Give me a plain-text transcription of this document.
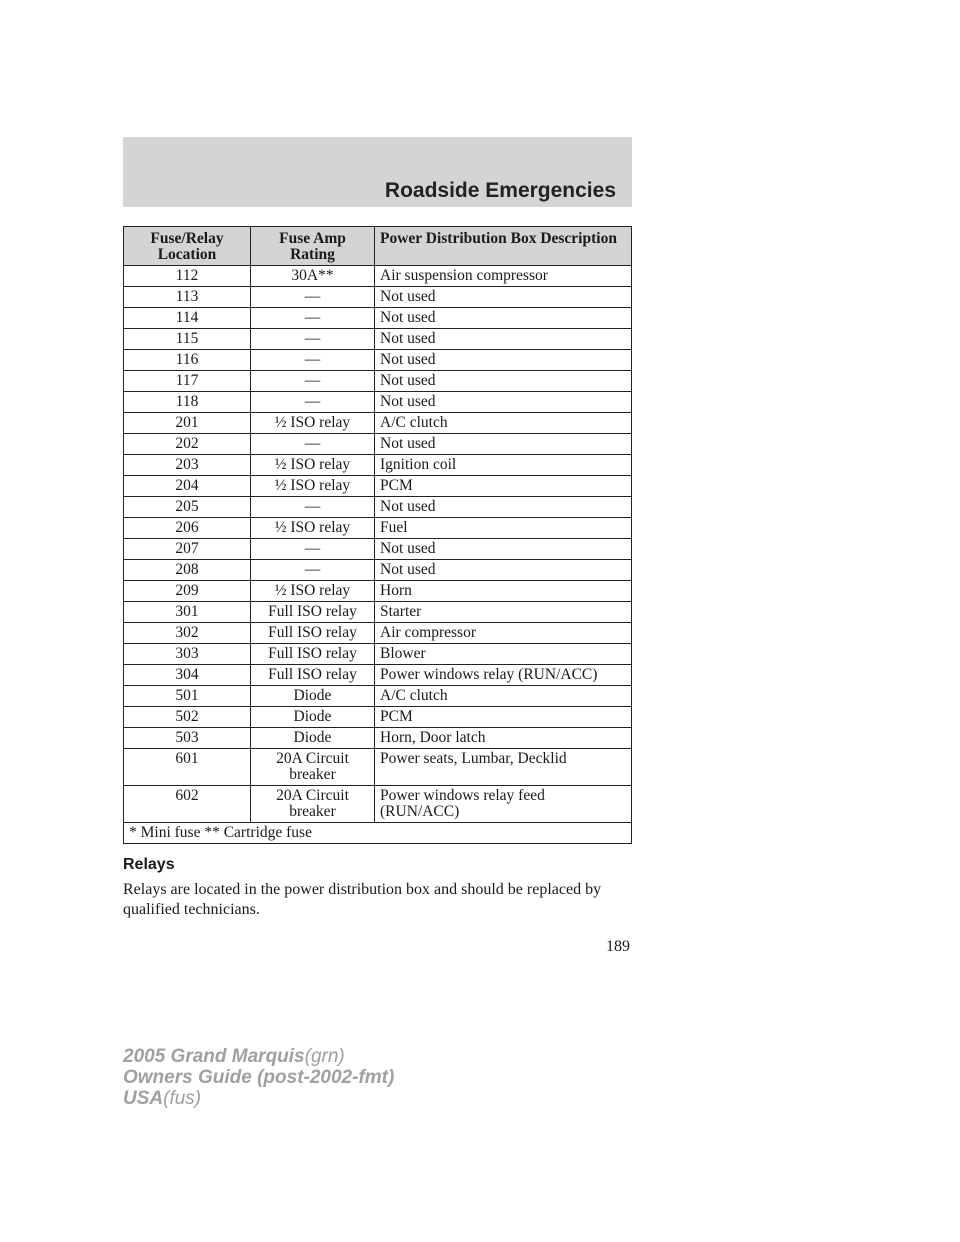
Roadside Emergencies
Fuse/Relay Location	Fuse Amp Rating	Power Distribution Box Description
112	30A**	Air suspension compressor
113	—	Not used
114	—	Not used
115	—	Not used
116	—	Not used
117	—	Not used
118	—	Not used
201	½ ISO relay	A/C clutch
202	—	Not used
203	½ ISO relay	Ignition coil
204	½ ISO relay	PCM
205	—	Not used
206	½ ISO relay	Fuel
207	—	Not used
208	—	Not used
209	½ ISO relay	Horn
301	Full ISO relay	Starter
302	Full ISO relay	Air compressor
303	Full ISO relay	Blower
304	Full ISO relay	Power windows relay (RUN/ACC)
501	Diode	A/C clutch
502	Diode	PCM
503	Diode	Horn, Door latch
601	20A Circuit breaker	Power seats, Lumbar, Decklid
602	20A Circuit breaker	Power windows relay feed (RUN/ACC)
* Mini fuse ** Cartridge fuse		
Relays
Relays are located in the power distribution box and should be replaced by qualified technicians.
189
2005 Grand Marquis(grn)
Owners Guide (post-2002-fmt)
USA(fus)
